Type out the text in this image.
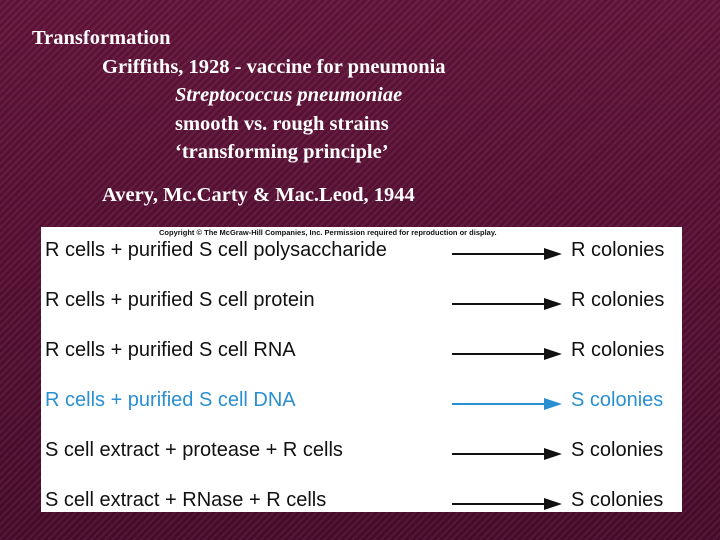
Transformation
Griffiths, 1928 - vaccine for pneumonia
Streptococcus pneumoniae
smooth vs. rough strains
‘transforming principle’
Avery, Mc.Carty & Mac.Leod, 1944
Copyright © The McGraw-Hill Companies, Inc. Permission required for reproduction or display.
R cells + purified S cell polysaccharide	R colonies
R cells + purified S cell protein	R colonies
R cells + purified S cell RNA	R colonies
R cells + purified S cell DNA	S colonies
S cell extract + protease + R cells	S colonies
S cell extract + RNase + R cells	S colonies
